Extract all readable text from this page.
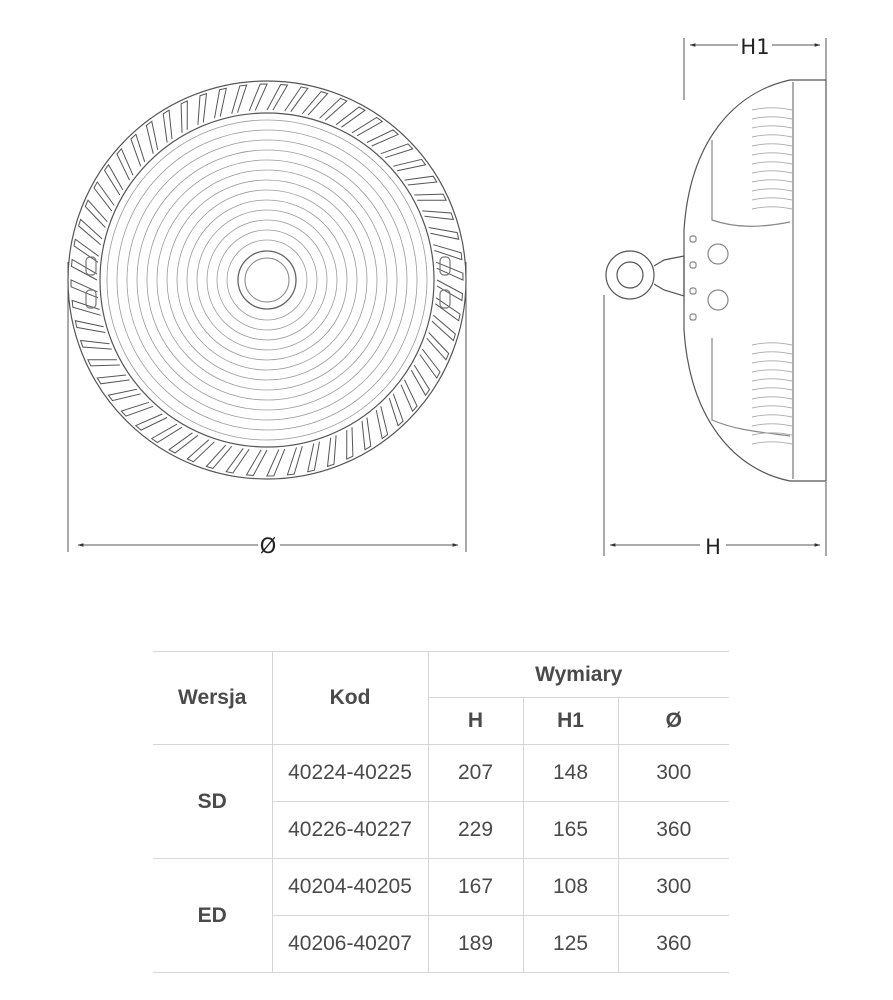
Ø
H1
H
Wersja	Kod	Wymiary		
		H	H1	Ø
SD	40224-40225	207	148	300
	40226-40227	229	165	360
ED	40204-40205	167	108	300
	40206-40207	189	125	360
